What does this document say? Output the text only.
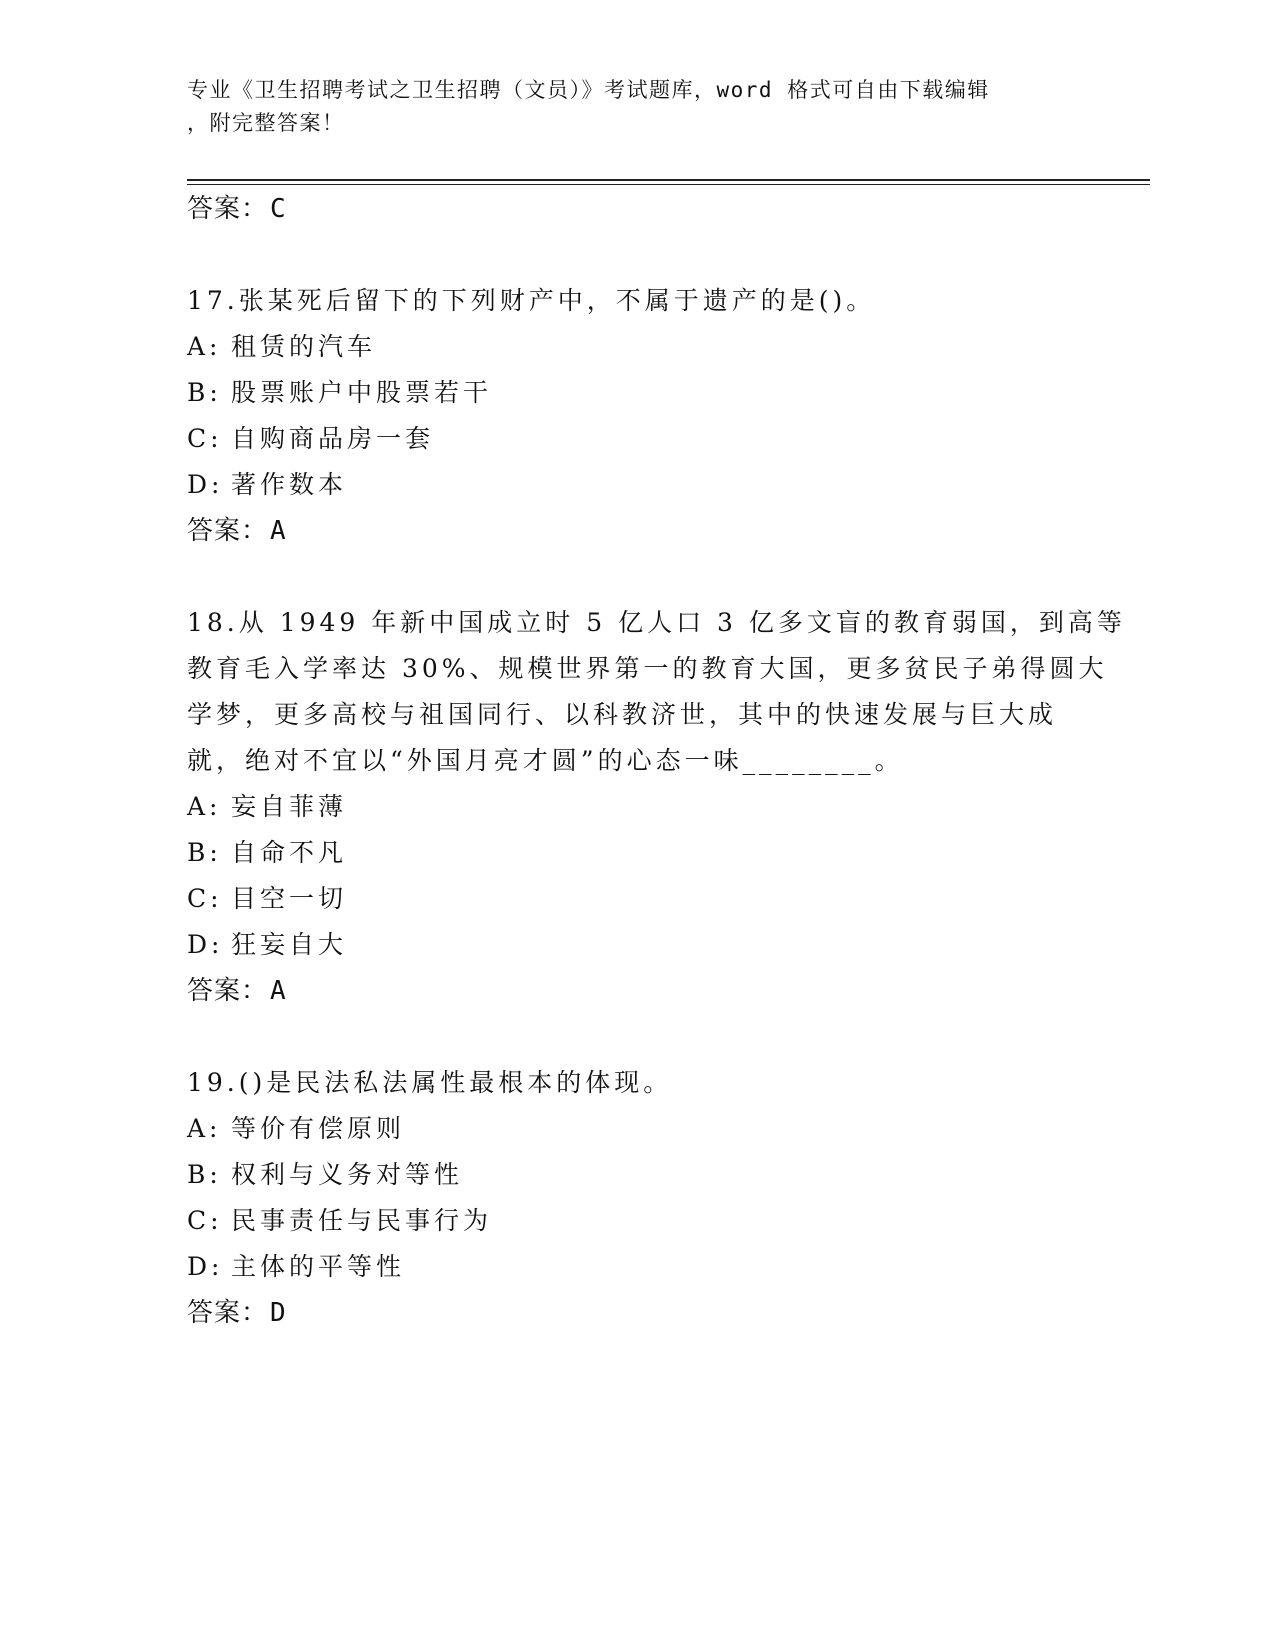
专业《卫生招聘考试之卫生招聘（文员）》考试题库，word 格式可自由下载编辑
，附完整答案！
答案：C
17.张某死后留下的下列财产中，不属于遗产的是()。
A: 租赁的汽车
B: 股票账户中股票若干
C: 自购商品房一套
D: 著作数本
答案：A
18.从 1949 年新中国成立时 5 亿人口 3 亿多文盲的教育弱国，到高等
教育毛入学率达 30%、规模世界第一的教育大国，更多贫民子弟得圆大
学梦，更多高校与祖国同行、以科教济世，其中的快速发展与巨大成
就，绝对不宜以“外国月亮才圆”的心态一味________。
A: 妄自菲薄
B: 自命不凡
C: 目空一切
D: 狂妄自大
答案：A
19.()是民法私法属性最根本的体现。
A: 等价有偿原则
B: 权利与义务对等性
C: 民事责任与民事行为
D: 主体的平等性
答案：D
